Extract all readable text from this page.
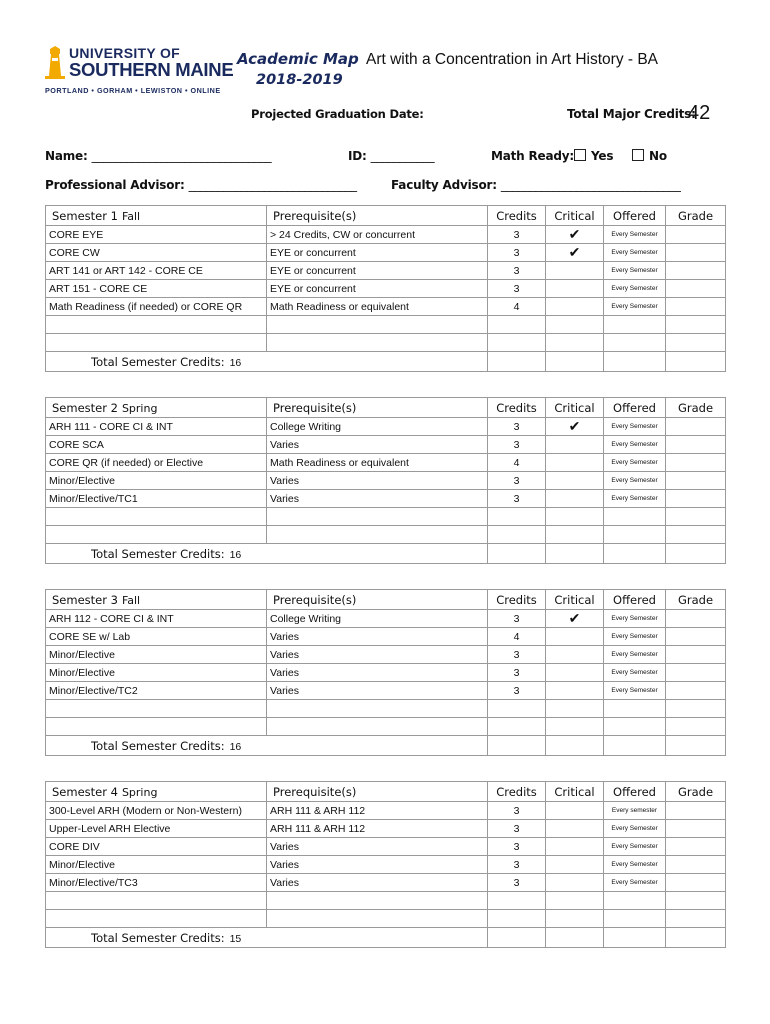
UNIVERSITY OF
SOUTHERN MAINE
PORTLAND • GORHAM • LEWISTON • ONLINE
Academic Map
2018-2019
Art with a Concentration in Art History - BA
Projected Graduation Date:	Total Major Credits:
42
Name: _______________________________	ID: ___________	Math Ready:	Yes	No
Professional Advisor: _____________________________	Faculty Advisor: _______________________________
Semester 1 Fall	Prerequisite(s)	Credits	Critical	Offered	Grade
CORE EYE	> 24 Credits, CW or concurrent	3	✔	Every Semester	
CORE CW	EYE or concurrent	3	✔	Every Semester	
ART 141 or ART 142 - CORE CE	EYE or concurrent	3		Every Semester	
ART 151 - CORE CE	EYE or concurrent	3		Every Semester	
Math Readiness (if needed) or CORE QR	Math Readiness or equivalent	4		Every Semester	

Total Semester Credits: 16					
Semester 2 Spring	Prerequisite(s)	Credits	Critical	Offered	Grade
ARH 111 - CORE CI & INT	College Writing	3	✔	Every Semester	
CORE SCA	Varies	3		Every Semester	
CORE QR (if needed) or Elective	Math Readiness or equivalent	4		Every Semester	
Minor/Elective	Varies	3		Every Semester	
Minor/Elective/TC1	Varies	3		Every Semester	

Total Semester Credits: 16					
Semester 3 Fall	Prerequisite(s)	Credits	Critical	Offered	Grade
ARH 112 - CORE CI & INT	College Writing	3	✔	Every Semester	
CORE SE w/ Lab	Varies	4		Every Semester	
Minor/Elective	Varies	3		Every Semester	
Minor/Elective	Varies	3		Every Semester	
Minor/Elective/TC2	Varies	3		Every Semester	

Total Semester Credits: 16					
Semester 4 Spring	Prerequisite(s)	Credits	Critical	Offered	Grade
300-Level ARH (Modern or Non-Western)	ARH 111 & ARH 112	3		Every semester	
Upper-Level ARH Elective	ARH 111 & ARH 112	3		Every Semester	
CORE DIV	Varies	3		Every Semester	
Minor/Elective	Varies	3		Every Semester	
Minor/Elective/TC3	Varies	3		Every Semester	

Total Semester Credits: 15					
